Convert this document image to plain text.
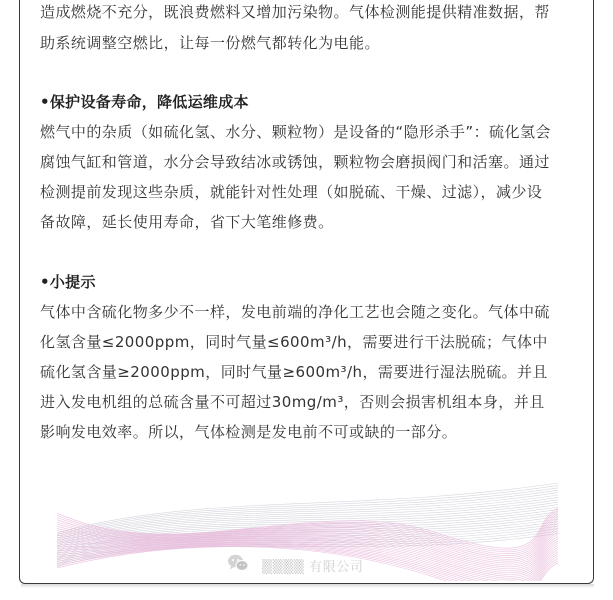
造成燃烧不充分，既浪费燃料又增加污染物。气体检测能提供精准数据，帮
助系统调整空燃比，让每一份燃气都转化为电能。
•保护设备寿命，降低运维成本
燃气中的杂质（如硫化氢、水分、颗粒物）是设备的“隐形杀手”：硫化氢会
腐蚀气缸和管道，水分会导致结冰或锈蚀，颗粒物会磨损阀门和活塞。通过
检测提前发现这些杂质，就能针对性处理（如脱硫、干燥、过滤），减少设
备故障，延长使用寿命，省下大笔维修费。
•小提示
气体中含硫化物多少不一样，发电前端的净化工艺也会随之变化。气体中硫
化氢含量≤2000ppm，同时气量≤600m³/h，需要进行干法脱硫；气体中
硫化氢含量≥2000ppm，同时气量≥600m³/h，需要进行湿法脱硫。并且
进入发电机组的总硫含量不可超过30mg/m³，否则会损害机组本身，并且
影响发电效率。所以，气体检测是发电前不可或缺的一部分。
▒▒▒▒ 有限公司
